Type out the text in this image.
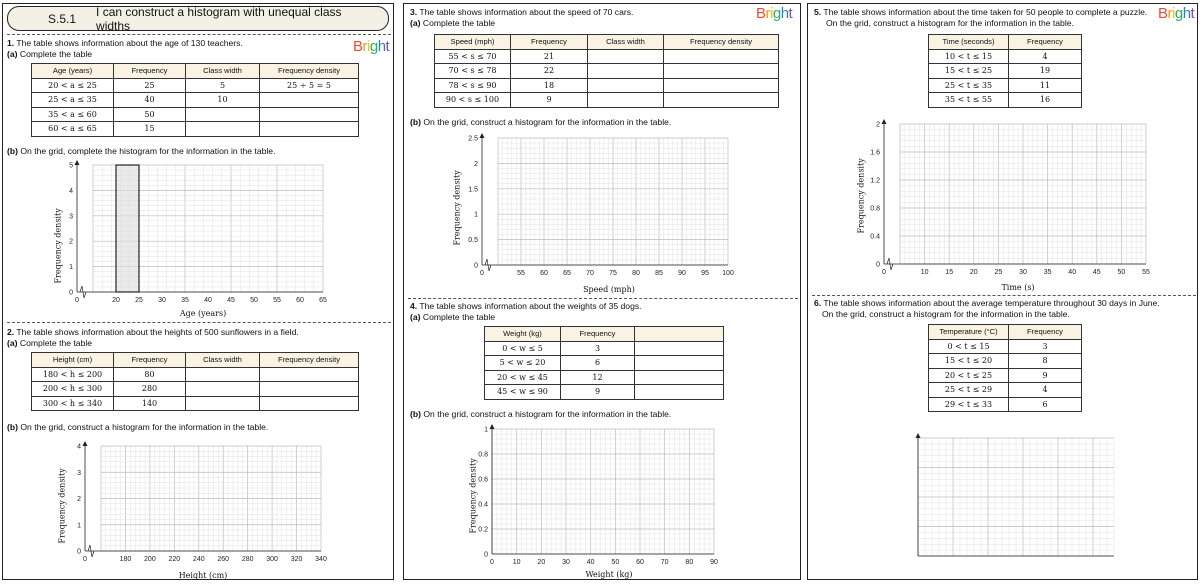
S.5.1 I can construct a histogram with unequal class widths
Bright
1. The table shows information about the age of 130 teachers.
(a) Complete the table
Age (years)	Frequency	Class width	Frequency density
20 < a ≤ 25	25	5	25 ÷ 5 = 5
25 < a ≤ 35	40	10	
35 < a ≤ 60	50		
60 < a ≤ 65	15		
(b) On the grid, complete the histogram for the information in the table.
Frequency density
0	20 25 30 35 40 45 50 55 60 65
0
1
2
3
4
5
Age (years)
2. The table shows information about the heights of 500 sunflowers in a field.
(a) Complete the table
Height (cm)	Frequency	Class width	Frequency density
180 < h ≤ 200	80		
200 < h ≤ 300	280		
300 < h ≤ 340	140		
(b) On the grid, construct a histogram for the information in the table.
Frequency density
0	180 200 220 240 260 280 300 320 340
0
1
2
3
4
Height (cm)
Bright
3. The table shows information about the speed of 70 cars.
(a) Complete the table
Speed (mph)	Frequency	Class width	Frequency density
55 < s ≤ 70	21		
70 < s ≤ 78	22		
78 < s ≤ 90	18		
90 < s ≤ 100	9		
(b) On the grid, construct a histogram for the information in the table.
Frequency density
0	55 60 65 70 75 80 85 90 95 100
0
0.5
1
1.5
2
2.5
Speed (mph)
4. The table shows information about the weights of 35 dogs.
(a) Complete the table
Weight (kg)	Frequency	
0 < w ≤ 5	3	
5 < w ≤ 20	6	
20 < w ≤ 45	12	
45 < w ≤ 90	9	
(b) On the grid, construct a histogram for the information in the table.
Frequency density
0	10 20 30 40 50 60 70 80 90
0
0.2
0.4
0.6
0.8
1
Weight (kg)
Bright
5. The table shows information about the time taken for 50 people to complete a puzzle.
On the grid, construct a histogram for the information in the table.
Time (seconds)	Frequency
10 < t ≤ 15	4
15 < t ≤ 25	19
25 < t ≤ 35	11
35 < t ≤ 55	16
Frequency density
0	10 15 20 25 30 35 40 45 50 55
0
0.4
0.8
1.2
1.6
2
Time (s)
6. The table shows information about the average temperature throughout 30 days in June.
On the grid, construct a histogram for the information in the table.
Temperature (°C)	Frequency
0 < t ≤ 15	3
15 < t ≤ 20	8
20 < t ≤ 25	9
25 < t ≤ 29	4
29 < t ≤ 33	6
